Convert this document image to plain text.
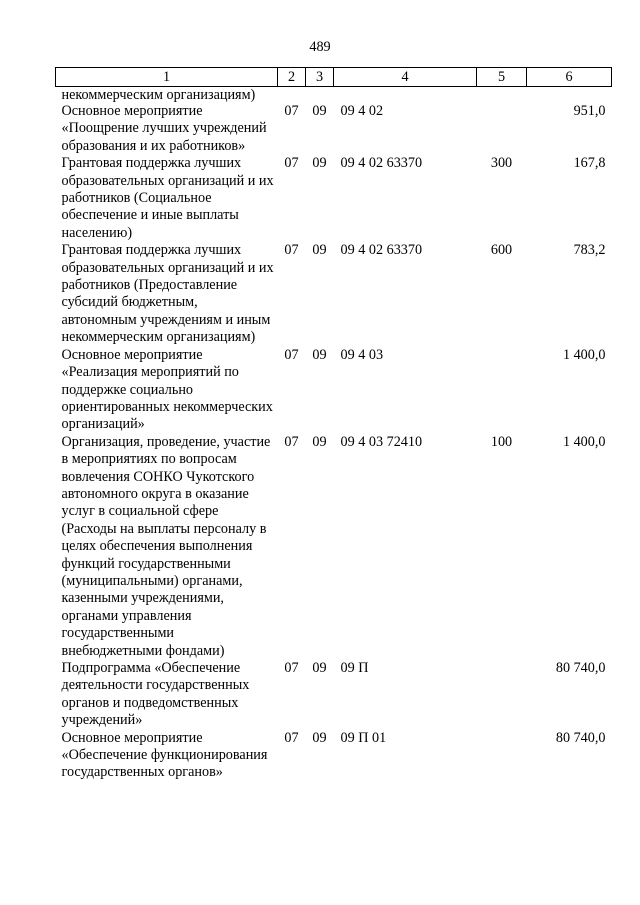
489
1	2	3	4	5	6
некоммерческим организациям)					
Основное мероприятие «Поощрение лучших учреждений образования и их работников»	07	09	09 4 02		951,0
Грантовая поддержка лучших образовательных организаций и их работников (Социальное обеспечение и иные выплаты населению)	07	09	09 4 02 63370	300	167,8
Грантовая поддержка лучших образовательных организаций и их работников (Предоставление субсидий бюджетным, автономным учреждениям и иным некоммерческим организациям)	07	09	09 4 02 63370	600	783,2
Основное мероприятие «Реализация мероприятий по поддержке социально ориентированных некоммерческих организаций»	07	09	09 4 03		1 400,0
Организация, проведение, участие в мероприятиях по вопросам вовлечения СОНКО Чукотского автономного округа в оказание услуг в социальной сфере (Расходы на выплаты персоналу в целях обеспечения выполнения функций государственными (муниципальными) органами, казенными учреждениями, органами управления государственными внебюджетными фондами)	07	09	09 4 03 72410	100	1 400,0
Подпрограмма «Обеспечение деятельности государственных органов и подведомственных учреждений»	07	09	09 П		80 740,0
Основное мероприятие «Обеспечение функционирования государственных органов»	07	09	09 П 01		80 740,0
